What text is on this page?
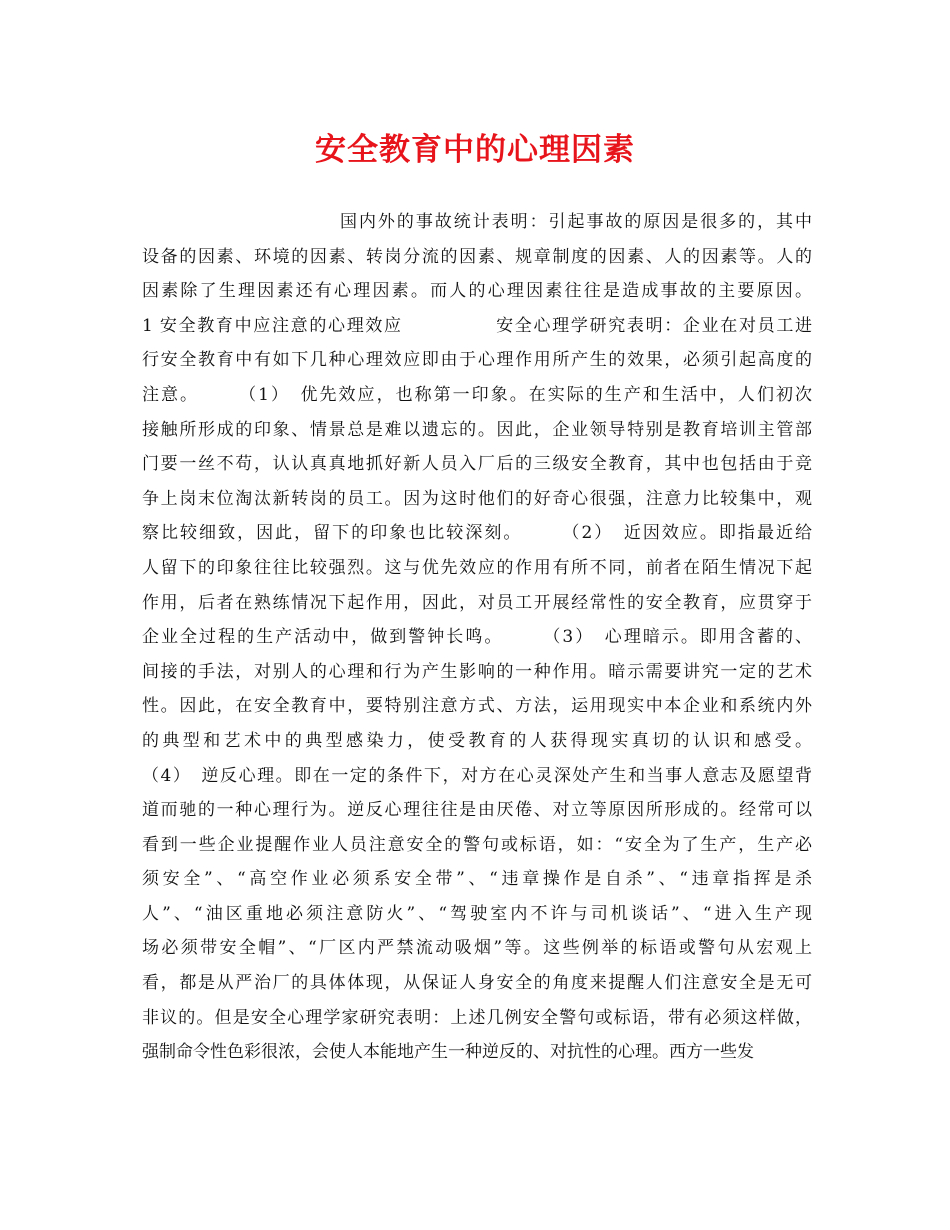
安全教育中的心理因素
国内外的事故统计表明：引起事故的原因是很多的，其中
设备的因素、环境的因素、转岗分流的因素、规章制度的因素、人的因素等。人的
因素除了生理因素还有心理因素。而人的心理因素往往是造成事故的主要原因。
1 安全教育中应注意的心理效应　　　　　安全心理学研究表明：企业在对员工进
行安全教育中有如下几种心理效应即由于心理作用所产生的效果，必须引起高度的
注意。　　　（1）　优先效应，也称第一印象。在实际的生产和生活中，人们初次
接触所形成的印象、情景总是难以遗忘的。因此，企业领导特别是教育培训主管部
门要一丝不苟，认认真真地抓好新人员入厂后的三级安全教育，其中也包括由于竞
争上岗末位淘汰新转岗的员工。因为这时他们的好奇心很强，注意力比较集中，观
察比较细致，因此，留下的印象也比较深刻。　　　（2）　近因效应。即指最近给
人留下的印象往往比较强烈。这与优先效应的作用有所不同，前者在陌生情况下起
作用，后者在熟练情况下起作用，因此，对员工开展经常性的安全教育，应贯穿于
企业全过程的生产活动中，做到警钟长鸣。　　　（3）　心理暗示。即用含蓄的、
间接的手法，对别人的心理和行为产生影响的一种作用。暗示需要讲究一定的艺术
性。因此，在安全教育中，要特别注意方式、方法，运用现实中本企业和系统内外
的典型和艺术中的典型感染力，使受教育的人获得现实真切的认识和感受。
（4）　逆反心理。即在一定的条件下，对方在心灵深处产生和当事人意志及愿望背
道而驰的一种心理行为。逆反心理往往是由厌倦、对立等原因所形成的。经常可以
看到一些企业提醒作业人员注意安全的警句或标语，如：“安全为了生产，生产必
须安全”、“高空作业必须系安全带”、“违章操作是自杀”、“违章指挥是杀
人”、“油区重地必须注意防火”、“驾驶室内不许与司机谈话”、“进入生产现
场必须带安全帽”、“厂区内严禁流动吸烟”等。这些例举的标语或警句从宏观上
看，都是从严治厂的具体体现，从保证人身安全的角度来提醒人们注意安全是无可
非议的。但是安全心理学家研究表明：上述几例安全警句或标语，带有必须这样做，
强制命令性色彩很浓，会使人本能地产生一种逆反的、对抗性的心理。西方一些发
